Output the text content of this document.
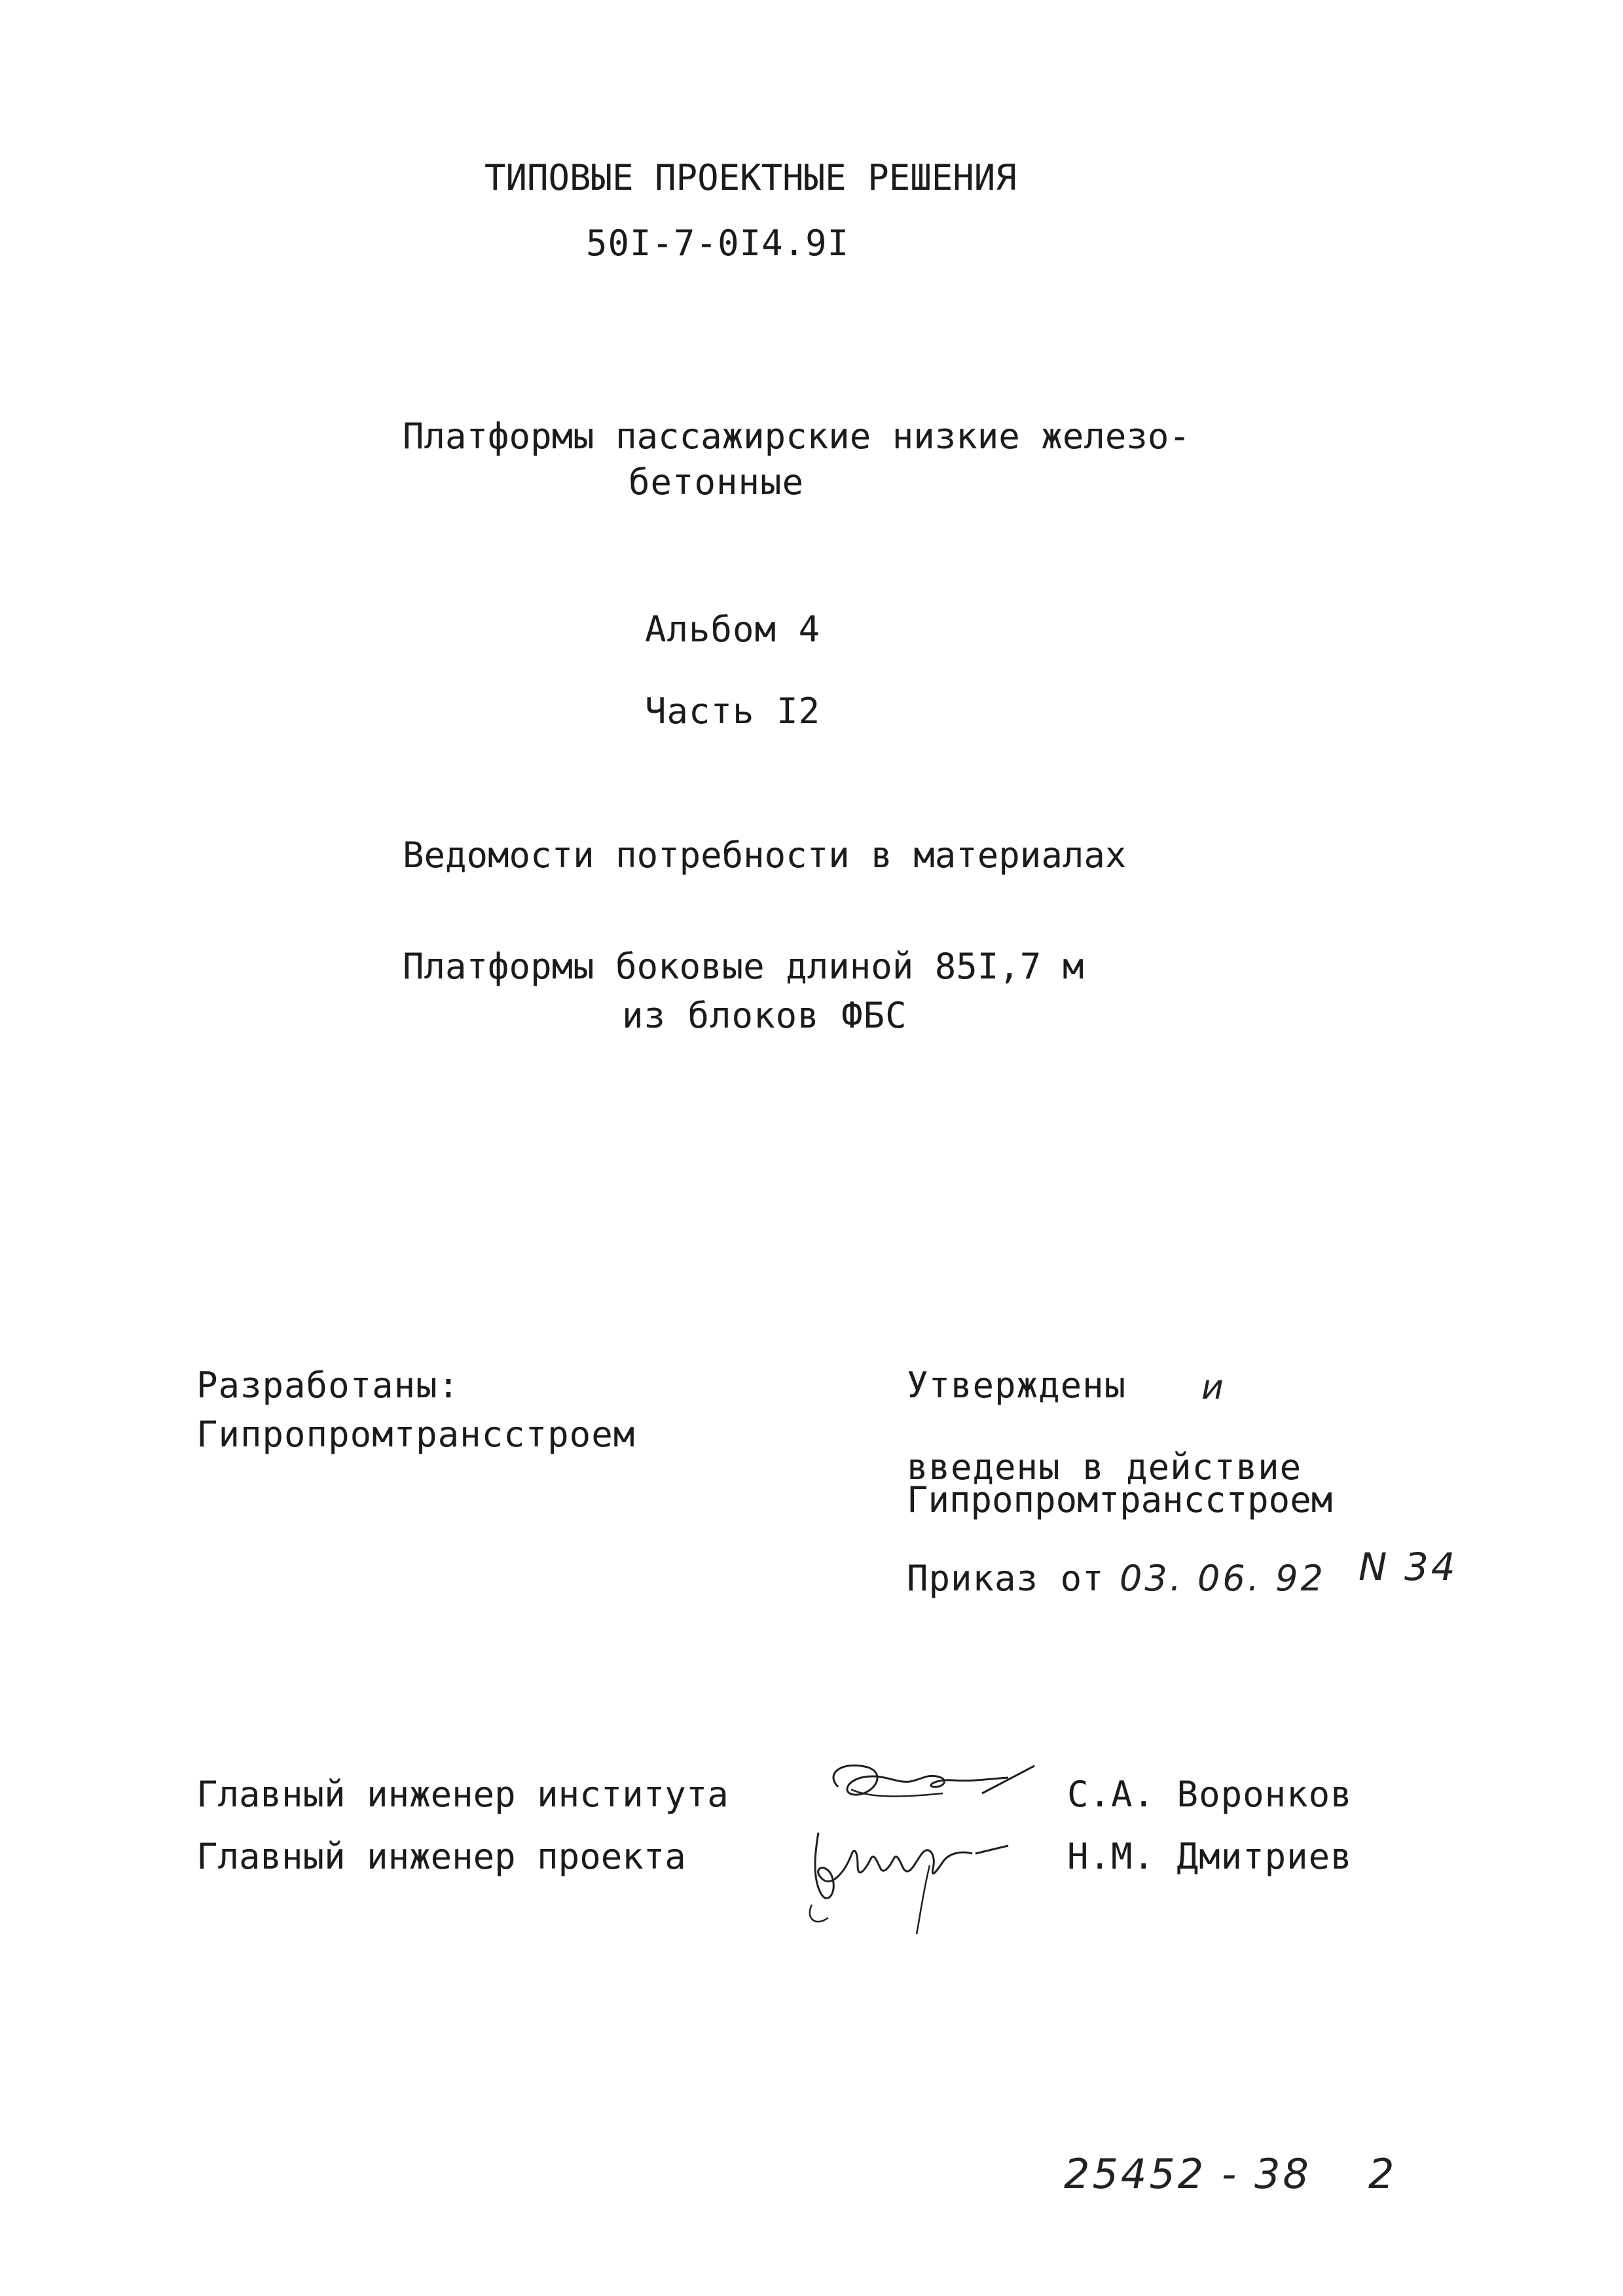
ТИПОВЫЕ ПРОЕКТНЫЕ РЕШЕНИЯ
50I-7-0I4.9I
Платформы пассажирские низкие железо-
бетонные
Альбом 4
Часть I2
Ведомости потребности в материалах
Платформы боковые длиной 85I,7 м
из блоков ФБС
Разработаны:
Гипропромтрансстроем
Утверждены и
введены в действие
Гипропромтрансстроем
Приказ от 03. 06. 92 N 34
Главный инженер института	С.А. Воронков
Главный инженер проекта	Н.М. Дмитриев
25452 - 38 2
